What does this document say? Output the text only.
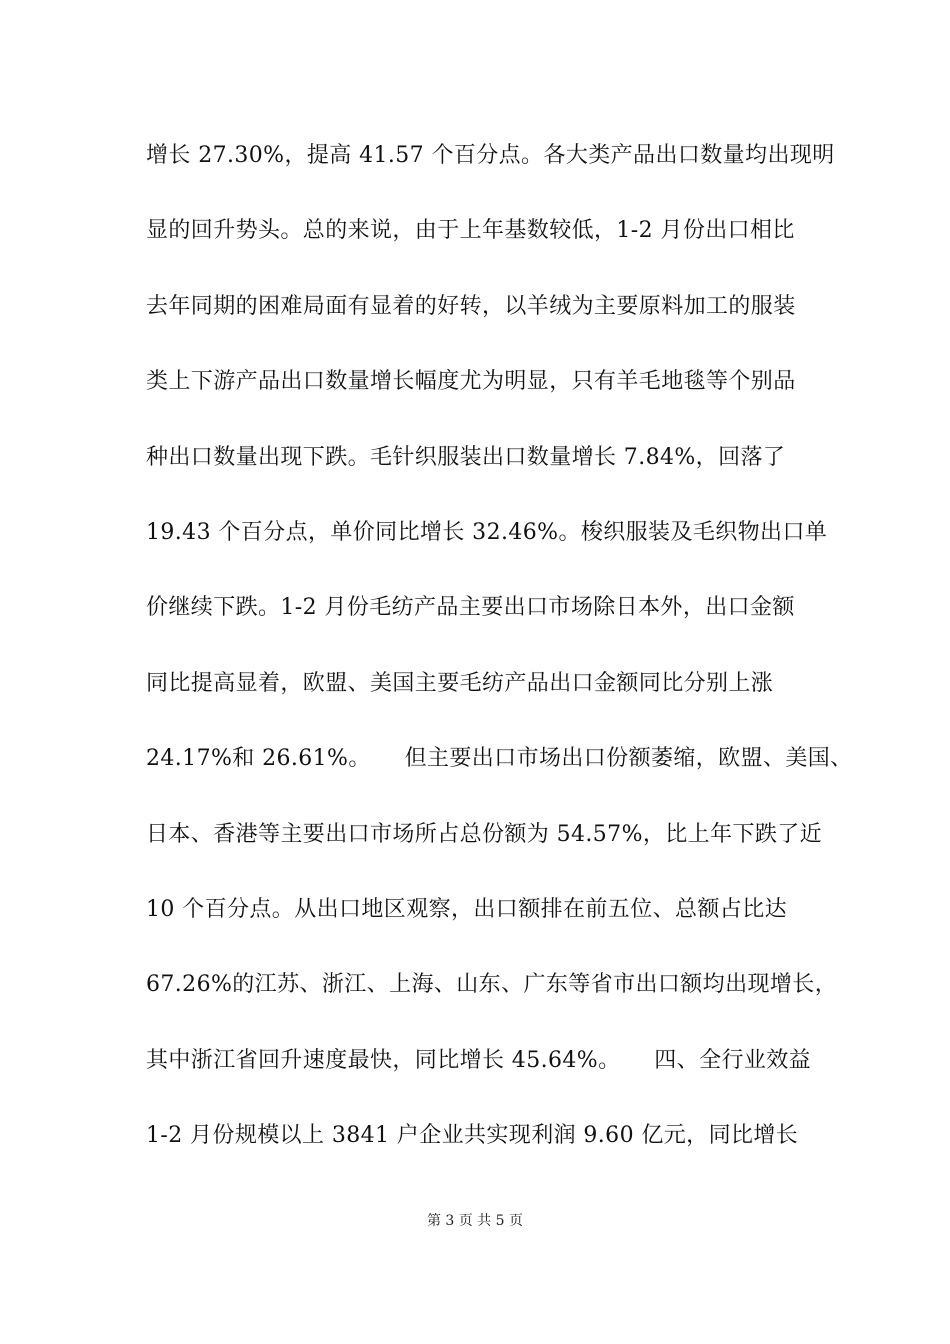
增长 27.30%，提高 41.57 个百分点。各大类产品出口数量均出现明
显的回升势头。总的来说，由于上年基数较低，1-2 月份出口相比
去年同期的困难局面有显着的好转，以羊绒为主要原料加工的服装
类上下游产品出口数量增长幅度尤为明显，只有羊毛地毯等个别品
种出口数量出现下跌。毛针织服装出口数量增长 7.84%，回落了
19.43 个百分点，单价同比增长 32.46%。梭织服装及毛织物出口单
价继续下跌。1-2 月份毛纺产品主要出口市场除日本外，出口金额
同比提高显着，欧盟、美国主要毛纺产品出口金额同比分别上涨
24.17%和 26.61%。　　但主要出口市场出口份额萎缩，欧盟、美国、
日本、香港等主要出口市场所占总份额为 54.57%，比上年下跌了近
10 个百分点。从出口地区观察，出口额排在前五位、总额占比达
67.26%的江苏、浙江、上海、山东、广东等省市出口额均出现增长，
其中浙江省回升速度最快，同比增长 45.64%。　　四、全行业效益
1-2 月份规模以上 3841 户企业共实现利润 9.60 亿元，同比增长
第 3 页 共 5 页
